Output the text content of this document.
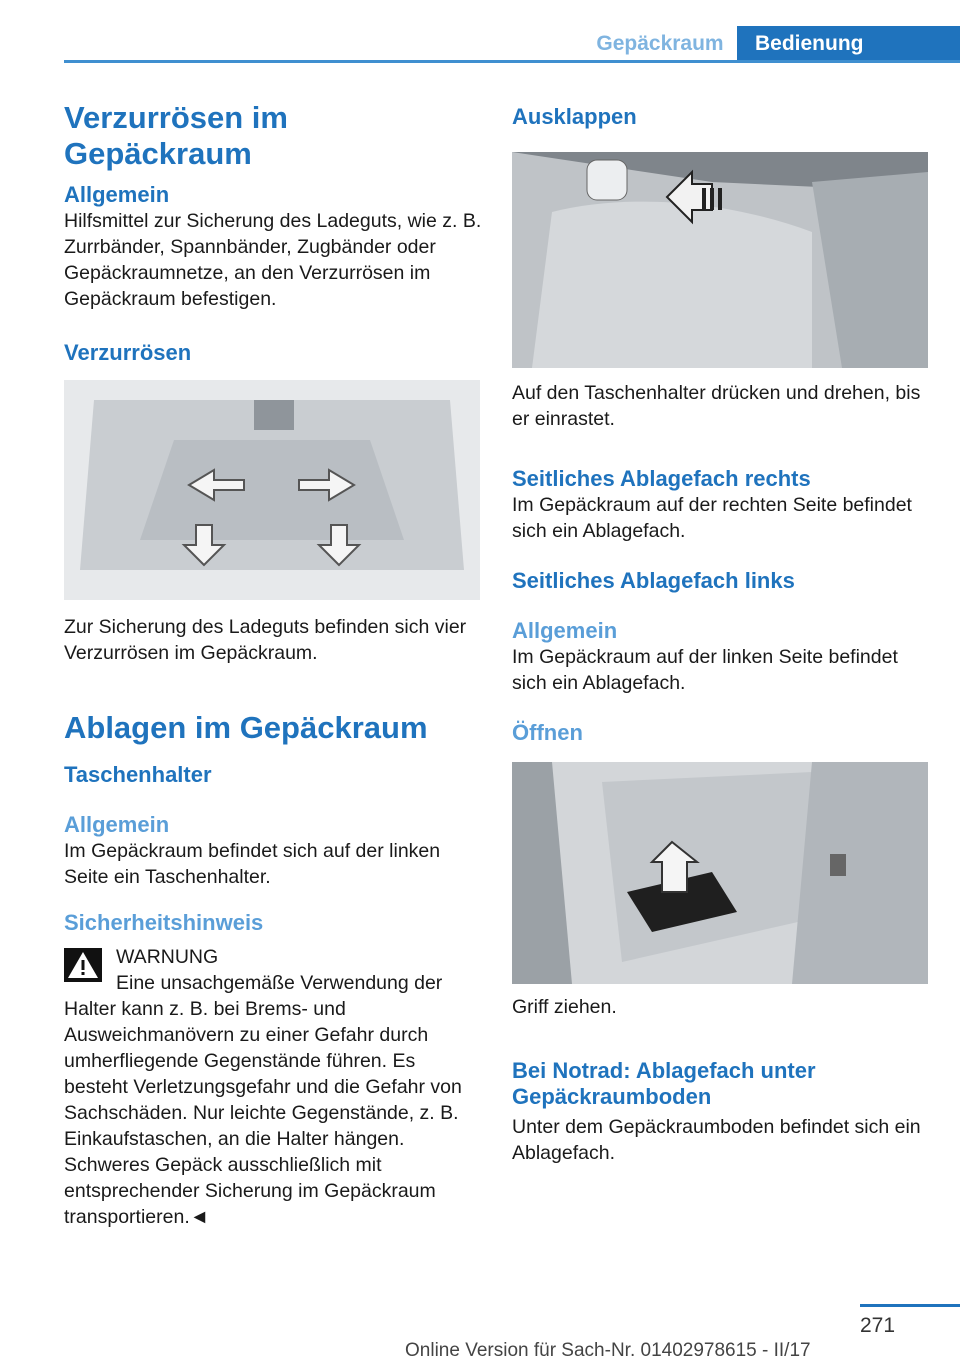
Gepäckraum	Bedienung
Verzurrösen im Gepäckraum
Allgemein

Hilfsmittel zur Sicherung des Ladeguts, wie z. B. Zurrbänder, Spannbänder, Zugbänder oder Gepäckraumnetze, an den Verzurrösen im Gepäckraum befestigen.

Verzurrösen

Zur Sicherung des Ladeguts befinden sich vier Verzurrösen im Gepäckraum.

Ablagen im Gepäckraum
Taschenhalter
Allgemein

Im Gepäckraum befindet sich auf der linken Seite ein Taschenhalter.

Sicherheitshinweis

WARNUNG

Eine unsachgemäße Verwendung der Halter kann z. B. bei Brems- und Ausweichmanövern zu einer Gefahr durch umherfliegende Gegenstände führen. Es besteht Verletzungsgefahr und die Gefahr von Sachschäden. Nur leichte Gegenstände, z. B. Einkaufstaschen, an die Halter hängen. Schweres Gepäck ausschließlich mit entsprechender Sicherung im Gepäckraum transportieren.◄

Ausklappen

Auf den Taschenhalter drücken und drehen, bis er einrastet.

Seitliches Ablagefach rechts

Im Gepäckraum auf der rechten Seite befindet sich ein Ablagefach.

Seitliches Ablagefach links
Allgemein

Im Gepäckraum auf der linken Seite befindet sich ein Ablagefach.

Öffnen

Griff ziehen.

Bei Notrad: Ablagefach unter Gepäckraumboden

Unter dem Gepäckraumboden befindet sich ein Ablagefach.

271
Online Version für Sach-Nr. 01402978615 - II/17
